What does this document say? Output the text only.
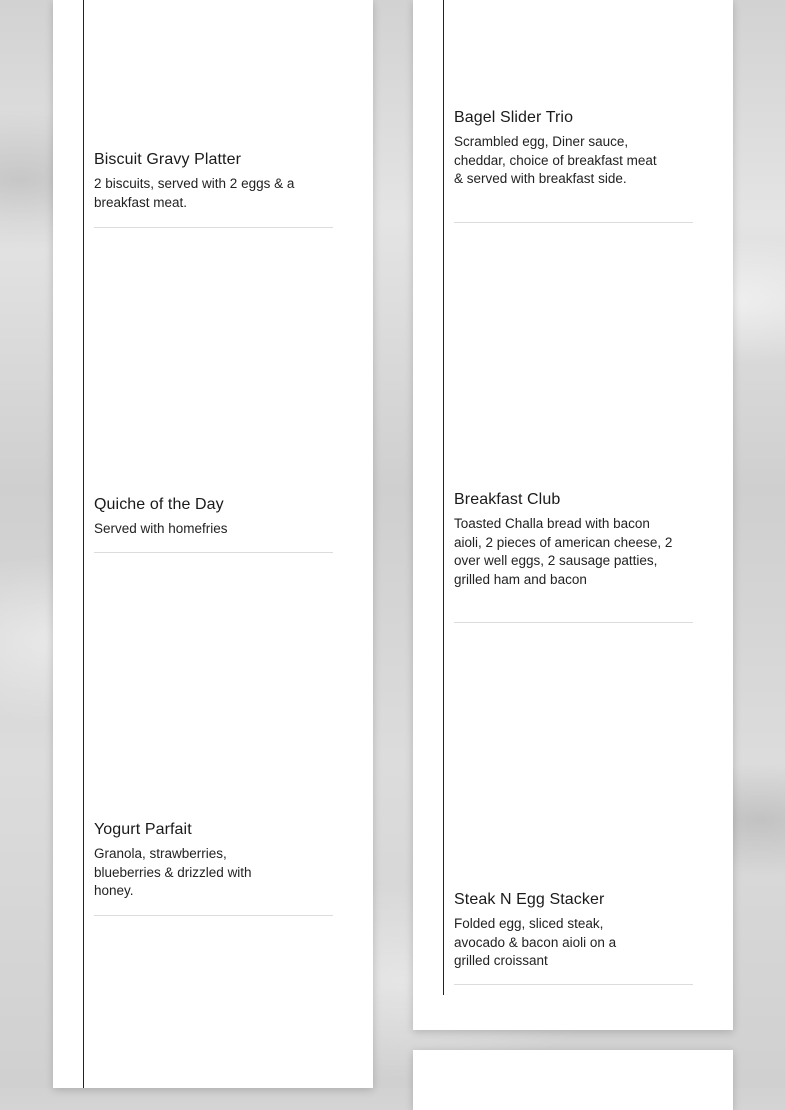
Biscuit Gravy Platter
2 biscuits, served with 2 eggs & a breakfast meat.
Quiche of the Day
Served with homefries
Yogurt Parfait
Granola, strawberries, blueberries & drizzled with honey.
Bagel Slider Trio
Scrambled egg, Diner sauce, cheddar, choice of breakfast meat & served with breakfast side.
Breakfast Club
Toasted Challa bread with bacon aioli, 2 pieces of american cheese, 2 over well eggs, 2 sausage patties, grilled ham and bacon
Steak N Egg Stacker
Folded egg, sliced steak, avocado & bacon aioli on a grilled croissant
